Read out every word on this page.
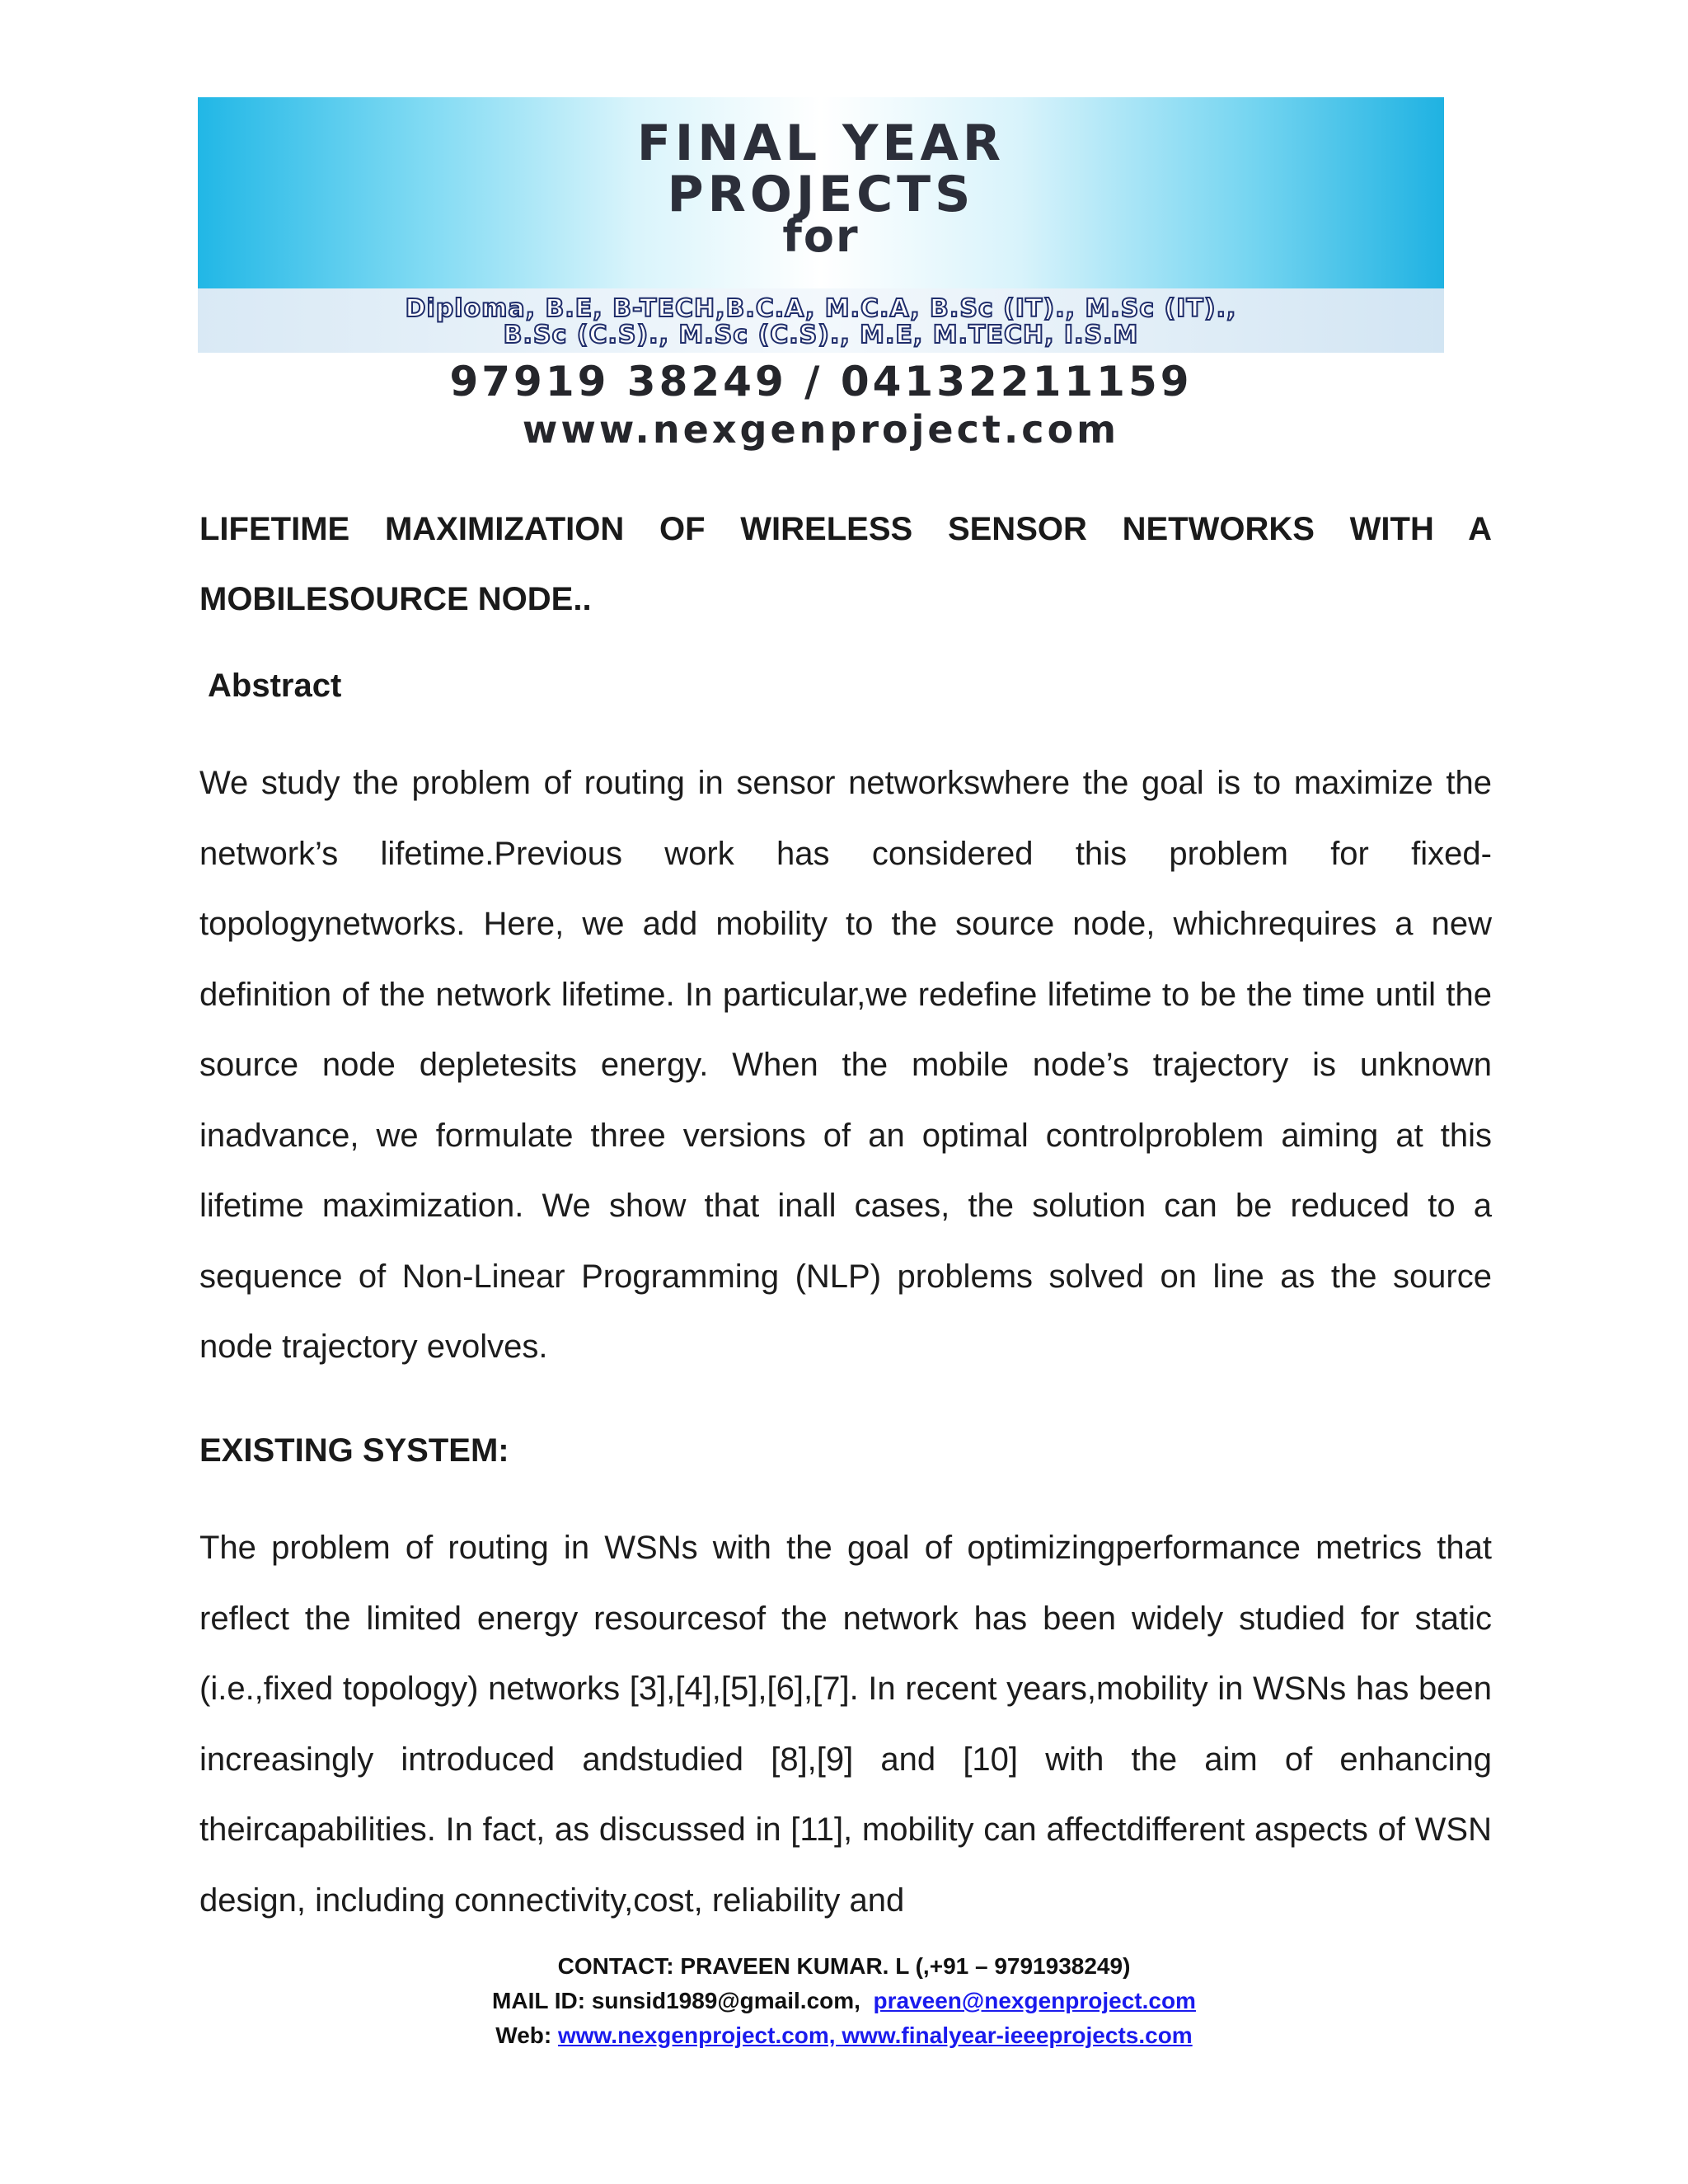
FINAL YEAR
PROJECTS
for
Diploma, B.E, B-TECH,B.C.A, M.C.A, B.Sc (IT)., M.Sc (IT).,
B.Sc (C.S)., M.Sc (C.S)., M.E, M.TECH, I.S.M
97919 38249 / 04132211159
www.nexgenproject.com
LIFETIME MAXIMIZATION OF WIRELESS SENSOR NETWORKS WITH A MOBILESOURCE NODE..
Abstract
We study the problem of routing in sensor networkswhere the goal is to maximize the network’s lifetime.Previous work has considered this problem for fixed-topologynetworks. Here, we add mobility to the source node, whichrequires a new definition of the network lifetime. In particular,we redefine lifetime to be the time until the source node depletesits energy. When the mobile node’s trajectory is unknown inadvance, we formulate three versions of an optimal controlproblem aiming at this lifetime maximization. We show that inall cases, the solution can be reduced to a sequence of Non-Linear Programming (NLP) problems solved on line as the source node trajectory evolves.
EXISTING SYSTEM:
The problem of routing in WSNs with the goal of optimizingperformance metrics that reflect the limited energy resourcesof the network has been widely studied for static (i.e.,fixed topology) networks [3],[4],[5],[6],[7]. In recent years,mobility in WSNs has been increasingly introduced andstudied [8],[9] and [10] with the aim of enhancing theircapabilities. In fact, as discussed in [11], mobility can affectdifferent aspects of WSN design, including connectivity,cost, reliability and
CONTACT: PRAVEEN KUMAR. L (,+91 – 9791938249)
MAIL ID: sunsid1989@gmail.com, praveen@nexgenproject.com
Web: www.nexgenproject.com, www.finalyear-ieeeprojects.com
